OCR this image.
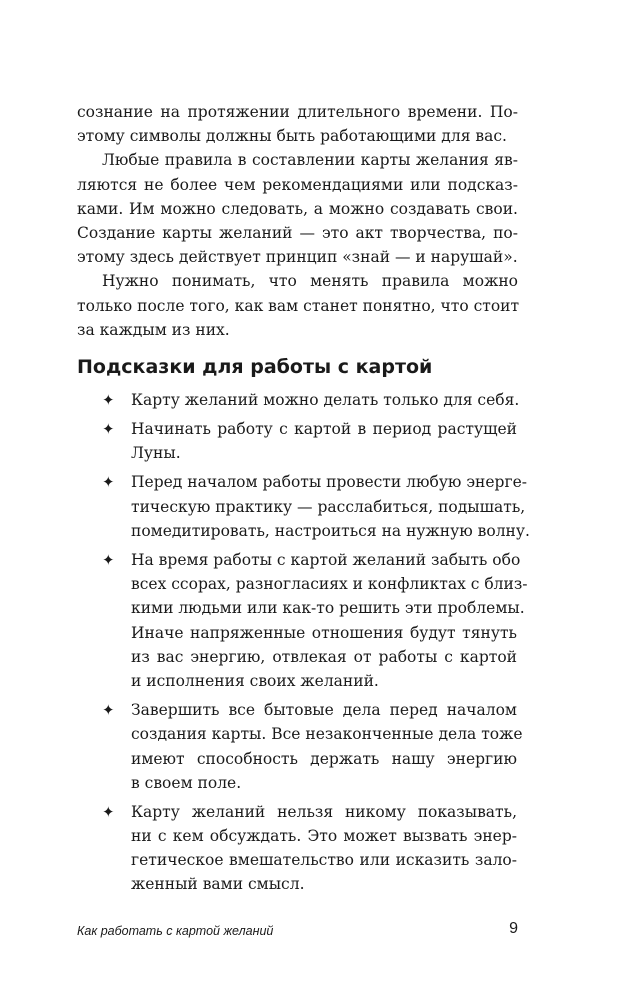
сознание на протяжении длительного времени. По-
этому символы должны быть работающими для вас.
Любые правила в составлении карты желания яв-
ляются не более чем рекомендациями или подсказ-
ками. Им можно следовать, а можно создавать свои.
Создание карты желаний — это акт творчества, по-
этому здесь действует принцип «знай — и нарушай».
Нужно понимать, что менять правила можно
только после того, как вам станет понятно, что стоит
за каждым из них.
Подсказки для работы с картой
✦ Карту желаний можно делать только для себя.
✦ Начинать работу с картой в период растущей
Луны.
✦ Перед началом работы провести любую энерге-
тическую практику — расслабиться, подышать,
помедитировать, настроиться на нужную волну.
✦ На время работы с картой желаний забыть обо
всех ссорах, разногласиях и конфликтах с близ-
кими людьми или как-то решить эти проблемы.
Иначе напряженные отношения будут тянуть
из вас энергию, отвлекая от работы с картой
и исполнения своих желаний.
✦ Завершить все бытовые дела перед началом
создания карты. Все незаконченные дела тоже
имеют способность держать нашу энергию
в своем поле.
✦ Карту желаний нельзя никому показывать,
ни с кем обсуждать. Это может вызвать энер-
гетическое вмешательство или исказить зало-
женный вами смысл.
Как работать с картой желаний	9
